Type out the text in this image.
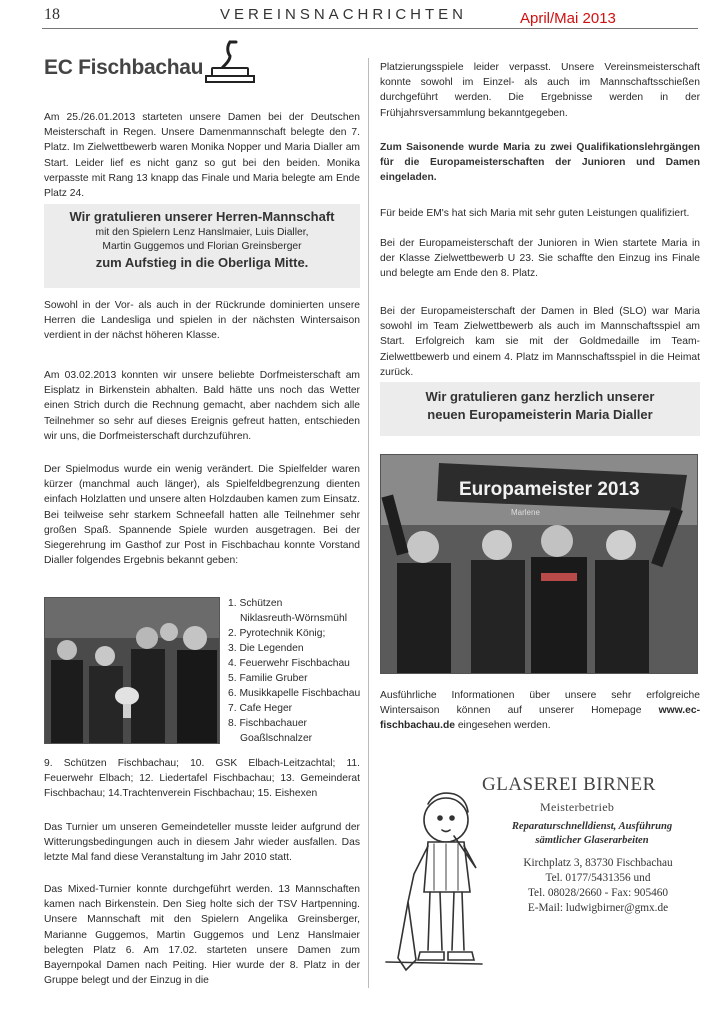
18	VEREINSNACHRICHTEN	April/Mai 2013
EC Fischbachau

Am 25./26.01.2013 starteten unsere Damen bei der Deutschen Meisterschaft in Regen. Unsere Damenmannschaft belegte den 7. Platz. Im Zielwettbewerb waren Monika Nopper und Maria Dialler am Start. Leider lief es nicht ganz so gut bei den beiden. Monika verpasste mit Rang 13 knapp das Finale und Maria belegte am Ende Platz 24.

Wir gratulieren unserer Herren-Mannschaft
mit den Spielern Lenz Hanslmaier, Luis Dialler,
Martin Guggemos und Florian Greinsberger
zum Aufstieg in die Oberliga Mitte.

Sowohl in der Vor- als auch in der Rückrunde dominierten unsere Herren die Landesliga und spielen in der nächsten Wintersaison verdient in der nächst höheren Klasse.

Am 03.02.2013 konnten wir unsere beliebte Dorfmeisterschaft am Eisplatz in Birkenstein abhalten. Bald hätte uns noch das Wetter einen Strich durch die Rechnung gemacht, aber nachdem sich alle Teilnehmer so sehr auf dieses Ereignis gefreut hatten, entschieden wir uns, die Dorfmeisterschaft durchzuführen.

Der Spielmodus wurde ein wenig verändert. Die Spielfelder waren kürzer (manchmal auch länger), als Spielfeldbegrenzung dienten einfach Holzlatten und unsere alten Holzdauben kamen zum Einsatz. Bei teilweise sehr starkem Schneefall hatten alle Teilnehmer sehr großen Spaß. Spannende Spiele wurden ausgetragen. Bei der Siegerehrung im Gasthof zur Post in Fischbachau konnte Vorstand Dialler folgendes Ergebnis bekannt geben:

1. Schützen
Niklasreuth-Wörnsmühl
2. Pyrotechnik König;
3. Die Legenden
4. Feuerwehr Fischbachau
5. Familie Gruber
6. Musikkapelle Fischbachau
7. Cafe Heger
8. Fischbachauer
Goaßlschnalzer

9. Schützen Fischbachau; 10. GSK Elbach-Leitzachtal; 11. Feuerwehr Elbach; 12. Liedertafel Fischbachau; 13. Gemeinderat Fischbachau; 14.Trachtenverein Fischbachau; 15. Eishexen

Das Turnier um unseren Gemeindeteller musste leider aufgrund der Witterungsbedingungen auch in diesem Jahr wieder ausfallen. Das letzte Mal fand diese Veranstaltung im Jahr 2010 statt.

Das Mixed-Turnier konnte durchgeführt werden. 13 Mannschaften kamen nach Birkenstein. Den Sieg holte sich der TSV Hartpenning. Unsere Mannschaft mit den Spielern Angelika Greinsberger, Marianne Guggemos, Martin Guggemos und Lenz Hanslmaier belegten Platz 6. Am 17.02. starteten unsere Damen zum Bayernpokal Damen nach Peiting. Hier wurde der 8. Platz in der Gruppe belegt und der Einzug in die

Platzierungsspiele leider verpasst. Unsere Vereinsmeisterschaft konnte sowohl im Einzel- als auch im Mannschaftsschießen durchgeführt werden. Die Ergebnisse werden in der Frühjahrsversammlung bekanntgegeben.

Zum Saisonende wurde Maria zu zwei Qualifikationslehrgängen für die Europameisterschaften der Junioren und Damen eingeladen.

Für beide EM's hat sich Maria mit sehr guten Leistungen qualifiziert.

Bei der Europameisterschaft der Junioren in Wien startete Maria in der Klasse Zielwettbewerb U 23. Sie schaffte den Einzug ins Finale und belegte am Ende den 8. Platz.

Bei der Europameisterschaft der Damen in Bled (SLO) war Maria sowohl im Team Zielwettbewerb als auch im Mannschaftsspiel am Start. Erfolgreich kam sie mit der Goldmedaille im Team-Zielwettbewerb und einem 4. Platz im Mannschaftsspiel in die Heimat zurück.

Wir gratulieren ganz herzlich unserer
neuen Europameisterin Maria Dialler
Europameister 2013
Marlene

Ausführliche Informationen über unsere sehr erfolgreiche Wintersaison können auf unserer Homepage www.ec-fischbachau.de eingesehen werden.

GLASEREI BIRNER
Meisterbetrieb
Reparaturschnelldienst, Ausführung sämtlicher Glaserarbeiten
Kirchplatz 3, 83730 Fischbachau
Tel. 0177/5431356 und
Tel. 08028/2660 - Fax: 905460
E-Mail: ludwigbirner@gmx.de
